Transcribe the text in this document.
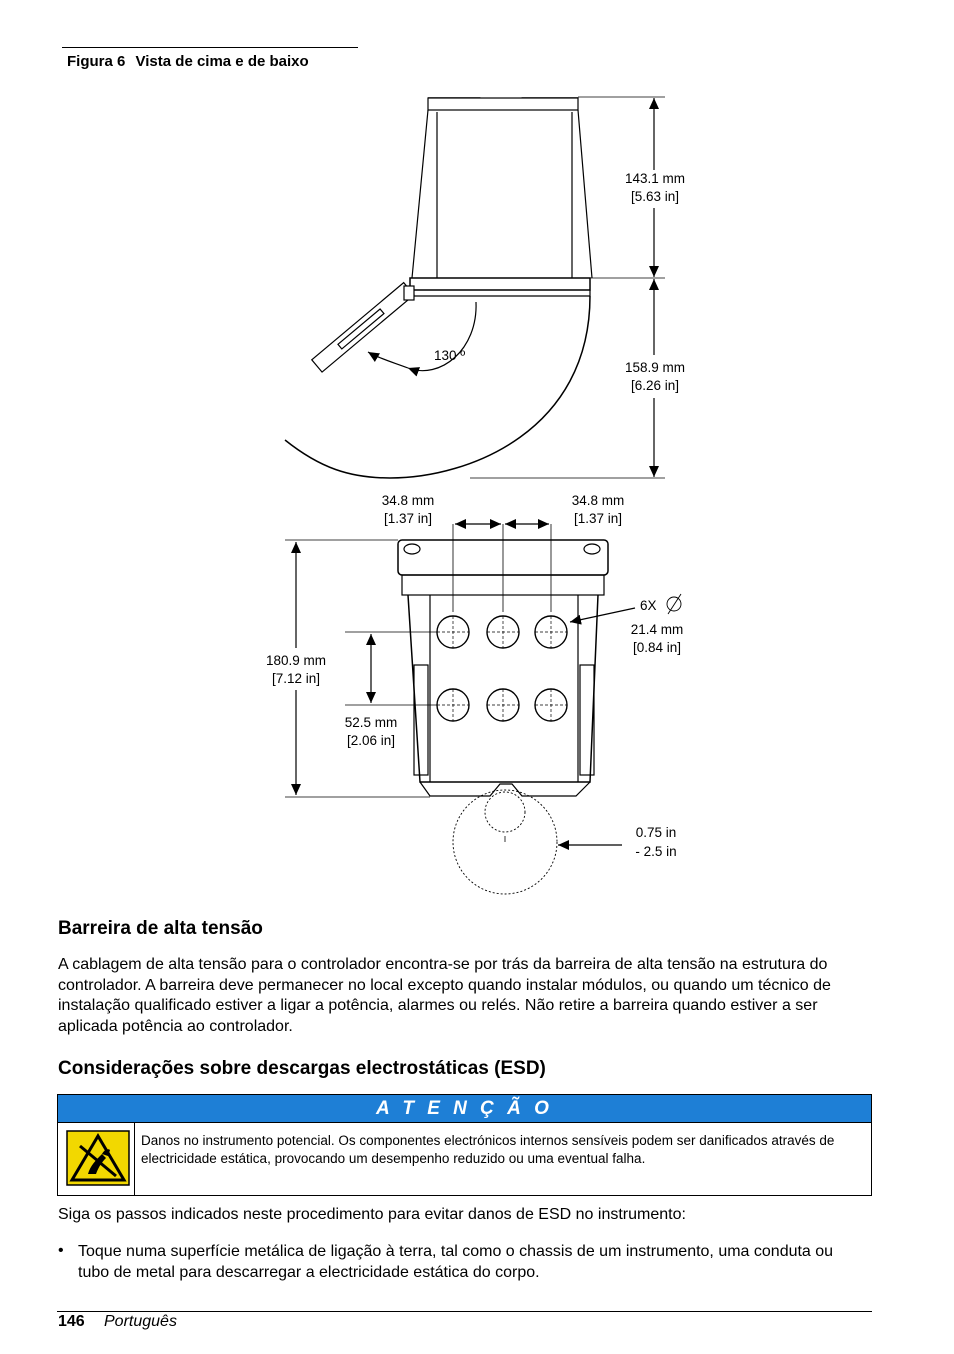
Figura 6 Vista de cima e de baixo
130 º
143.1 mm
[5.63 in]
158.9 mm
[6.26 in]
34.8 mm
[1.37 in]
34.8 mm
[1.37 in]
6X
21.4 mm
[0.84 in]
180.9 mm
[7.12 in]
52.5 mm
[2.06 in]
0.75 in
- 2.5 in
Barreira de alta tensão

A cablagem de alta tensão para o controlador encontra-se por trás da barreira de alta tensão na estrutura do controlador. A barreira deve permanecer no local excepto quando instalar módulos, ou quando um técnico de instalação qualificado estiver a ligar a potência, alarmes ou relés. Não retire a barreira quando estiver a ser aplicada potência ao controlador.

Considerações sobre descargas electrostáticas (ESD)
A T E N Ç Ã O
Danos no instrumento potencial. Os componentes electrónicos internos sensíveis podem ser danificados através de electricidade estática, provocando um desempenho reduzido ou uma eventual falha.

Siga os passos indicados neste procedimento para evitar danos de ESD no instrumento:

• Toque numa superfície metálica de ligação à terra, tal como o chassis de um instrumento, uma conduta ou tubo de metal para descarregar a electricidade estática do corpo.

146 Português
